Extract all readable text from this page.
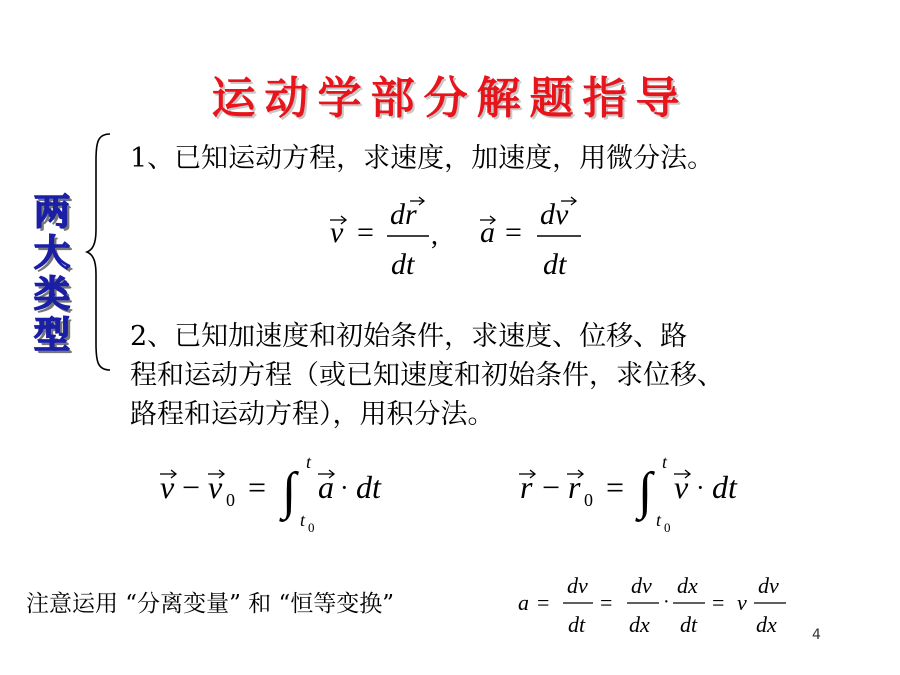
运动学部分解题指导
两
大
类
型
1、已知运动方程，求速度，加速度，用微分法。
v =
dr
dt
, a =
dv
dt
2、已知加速度和初始条件，求速度、位移、路
程和运动方程（或已知速度和初始条件，求位移、
路程和运动方程），用积分法。
v − v 0 = ∫
t
t 0
a · dt	r − r 0 = ∫
t
t 0
v · dt
注意运用 “分离变量” 和 “恒等变换”	a =
dv
dt
=
dv
dx
·
dx
dt
= v
dv
dx	4
